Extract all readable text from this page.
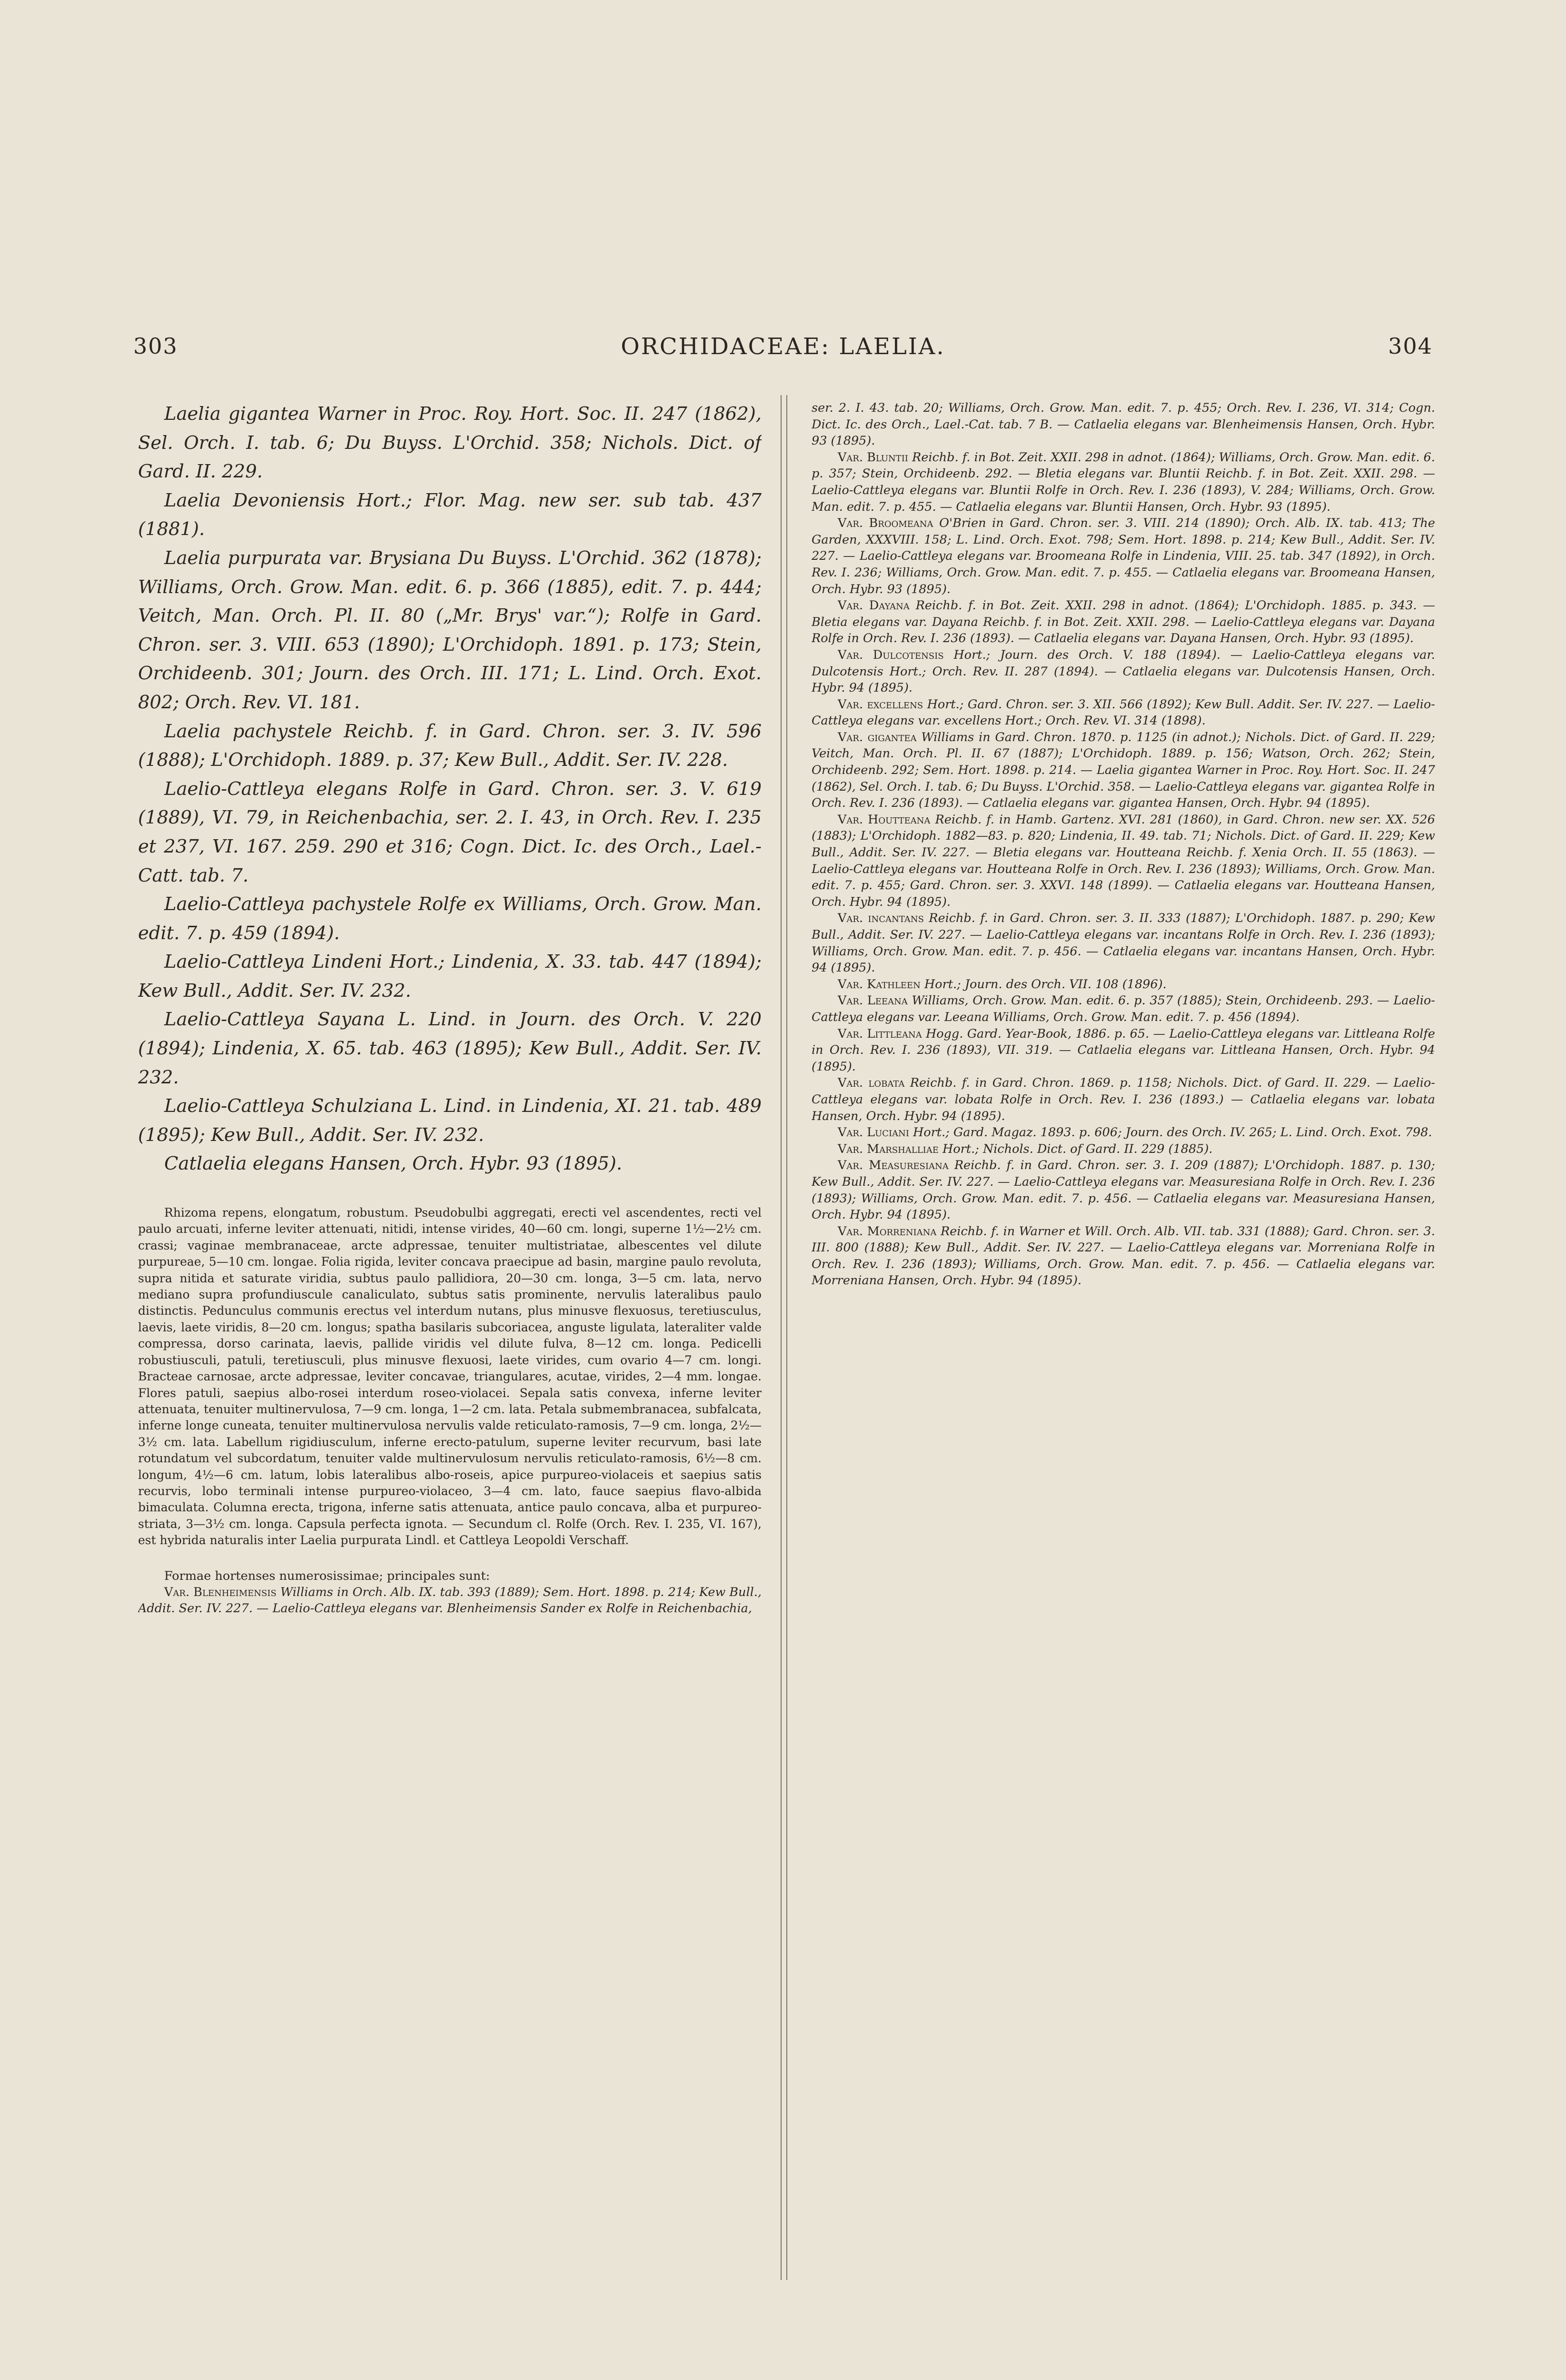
303	ORCHIDACEAE: LAELIA.	304

Laelia gigantea Warner in Proc. Roy. Hort. Soc. II. 247 (1862), Sel. Orch. I. tab. 6; Du Buyss. L'Orchid. 358; Nichols. Dict. of Gard. II. 229.

Laelia Devoniensis Hort.; Flor. Mag. new ser. sub tab. 437 (1881).

Laelia purpurata var. Brysiana Du Buyss. L'Orchid. 362 (1878); Williams, Orch. Grow. Man. edit. 6. p. 366 (1885), edit. 7. p. 444; Veitch, Man. Orch. Pl. II. 80 („Mr. Brys' var.“); Rolfe in Gard. Chron. ser. 3. VIII. 653 (1890); L'Orchidoph. 1891. p. 173; Stein, Orchideenb. 301; Journ. des Orch. III. 171; L. Lind. Orch. Exot. 802; Orch. Rev. VI. 181.

Laelia pachystele Reichb. f. in Gard. Chron. ser. 3. IV. 596 (1888); L'Orchidoph. 1889. p. 37; Kew Bull., Addit. Ser. IV. 228.

Laelio-Cattleya elegans Rolfe in Gard. Chron. ser. 3. V. 619 (1889), VI. 79, in Reichenbachia, ser. 2. I. 43, in Orch. Rev. I. 235 et 237, VI. 167. 259. 290 et 316; Cogn. Dict. Ic. des Orch., Lael.-Catt. tab. 7.

Laelio-Cattleya pachystele Rolfe ex Williams, Orch. Grow. Man. edit. 7. p. 459 (1894).

Laelio-Cattleya Lindeni Hort.; Lindenia, X. 33. tab. 447 (1894); Kew Bull., Addit. Ser. IV. 232.

Laelio-Cattleya Sayana L. Lind. in Journ. des Orch. V. 220 (1894); Lindenia, X. 65. tab. 463 (1895); Kew Bull., Addit. Ser. IV. 232.

Laelio-Cattleya Schulziana L. Lind. in Lindenia, XI. 21. tab. 489 (1895); Kew Bull., Addit. Ser. IV. 232.

Catlaelia elegans Hansen, Orch. Hybr. 93 (1895).

Rhizoma repens, elongatum, robustum. Pseudobulbi aggregati, erecti vel ascendentes, recti vel paulo arcuati, inferne leviter attenuati, nitidi, intense virides, 40—60 cm. longi, superne 1½—2½ cm. crassi; vaginae membranaceae, arcte adpressae, tenuiter multistriatae, albescentes vel dilute purpureae, 5—10 cm. longae. Folia rigida, leviter concava praecipue ad basin, margine paulo revoluta, supra nitida et saturate viridia, subtus paulo pallidiora, 20—30 cm. longa, 3—5 cm. lata, nervo mediano supra profundiuscule canaliculato, subtus satis prominente, nervulis lateralibus paulo distinctis. Pedunculus communis erectus vel interdum nutans, plus minusve flexuosus, teretiusculus, laevis, laete viridis, 8—20 cm. longus; spatha basilaris subcoriacea, anguste ligulata, lateraliter valde compressa, dorso carinata, laevis, pallide viridis vel dilute fulva, 8—12 cm. longa. Pedicelli robustiusculi, patuli, teretiusculi, plus minusve flexuosi, laete virides, cum ovario 4—7 cm. longi. Bracteae carnosae, arcte adpressae, leviter concavae, triangulares, acutae, virides, 2—4 mm. longae. Flores patuli, saepius albo-rosei interdum roseo-violacei. Sepala satis convexa, inferne leviter attenuata, tenuiter multinervulosa, 7—9 cm. longa, 1—2 cm. lata. Petala submembranacea, subfalcata, inferne longe cuneata, tenuiter multinervulosa nervulis valde reticulato-ramosis, 7—9 cm. longa, 2½—3½ cm. lata. Labellum rigidiusculum, inferne erecto-patulum, superne leviter recurvum, basi late rotundatum vel subcordatum, tenuiter valde multinervulosum nervulis reticulato-ramosis, 6½—8 cm. longum, 4½—6 cm. latum, lobis lateralibus albo-roseis, apice purpureo-violaceis et saepius satis recurvis, lobo terminali intense purpureo-violaceo, 3—4 cm. lato, fauce saepius flavo-albida bimaculata. Columna erecta, trigona, inferne satis attenuata, antice paulo concava, alba et purpureo-striata, 3—3½ cm. longa. Capsula perfecta ignota. — Secundum cl. Rolfe (Orch. Rev. I. 235, VI. 167), est hybrida naturalis inter Laelia purpurata Lindl. et Cattleya Leopoldi Verschaff.

Formae hortenses numerosissimae; principales sunt:

Var. Blenheimensis Williams in Orch. Alb. IX. tab. 393 (1889); Sem. Hort. 1898. p. 214; Kew Bull., Addit. Ser. IV. 227. — Laelio-Cattleya elegans var. Blenheimensis Sander ex Rolfe in Reichenbachia,

ser. 2. I. 43. tab. 20; Williams, Orch. Grow. Man. edit. 7. p. 455; Orch. Rev. I. 236, VI. 314; Cogn. Dict. Ic. des Orch., Lael.-Cat. tab. 7 B. — Catlaelia elegans var. Blenheimensis Hansen, Orch. Hybr. 93 (1895).

Var. Bluntii Reichb. f. in Bot. Zeit. XXII. 298 in adnot. (1864); Williams, Orch. Grow. Man. edit. 6. p. 357; Stein, Orchideenb. 292. — Bletia elegans var. Bluntii Reichb. f. in Bot. Zeit. XXII. 298. — Laelio-Cattleya elegans var. Bluntii Rolfe in Orch. Rev. I. 236 (1893), V. 284; Williams, Orch. Grow. Man. edit. 7. p. 455. — Catlaelia elegans var. Bluntii Hansen, Orch. Hybr. 93 (1895).

Var. Broomeana O'Brien in Gard. Chron. ser. 3. VIII. 214 (1890); Orch. Alb. IX. tab. 413; The Garden, XXXVIII. 158; L. Lind. Orch. Exot. 798; Sem. Hort. 1898. p. 214; Kew Bull., Addit. Ser. IV. 227. — Laelio-Cattleya elegans var. Broomeana Rolfe in Lindenia, VIII. 25. tab. 347 (1892), in Orch. Rev. I. 236; Williams, Orch. Grow. Man. edit. 7. p. 455. — Catlaelia elegans var. Broomeana Hansen, Orch. Hybr. 93 (1895).

Var. Dayana Reichb. f. in Bot. Zeit. XXII. 298 in adnot. (1864); L'Orchidoph. 1885. p. 343. — Bletia elegans var. Dayana Reichb. f. in Bot. Zeit. XXII. 298. — Laelio-Cattleya elegans var. Dayana Rolfe in Orch. Rev. I. 236 (1893). — Catlaelia elegans var. Dayana Hansen, Orch. Hybr. 93 (1895).

Var. Dulcotensis Hort.; Journ. des Orch. V. 188 (1894). — Laelio-Cattleya elegans var. Dulcotensis Hort.; Orch. Rev. II. 287 (1894). — Catlaelia elegans var. Dulcotensis Hansen, Orch. Hybr. 94 (1895).

Var. excellens Hort.; Gard. Chron. ser. 3. XII. 566 (1892); Kew Bull. Addit. Ser. IV. 227. — Laelio-Cattleya elegans var. excellens Hort.; Orch. Rev. VI. 314 (1898).

Var. gigantea Williams in Gard. Chron. 1870. p. 1125 (in adnot.); Nichols. Dict. of Gard. II. 229; Veitch, Man. Orch. Pl. II. 67 (1887); L'Orchidoph. 1889. p. 156; Watson, Orch. 262; Stein, Orchideenb. 292; Sem. Hort. 1898. p. 214. — Laelia gigantea Warner in Proc. Roy. Hort. Soc. II. 247 (1862), Sel. Orch. I. tab. 6; Du Buyss. L'Orchid. 358. — Laelio-Cattleya elegans var. gigantea Rolfe in Orch. Rev. I. 236 (1893). — Catlaelia elegans var. gigantea Hansen, Orch. Hybr. 94 (1895).

Var. Houtteana Reichb. f. in Hamb. Gartenz. XVI. 281 (1860), in Gard. Chron. new ser. XX. 526 (1883); L'Orchidoph. 1882—83. p. 820; Lindenia, II. 49. tab. 71; Nichols. Dict. of Gard. II. 229; Kew Bull., Addit. Ser. IV. 227. — Bletia elegans var. Houtteana Reichb. f. Xenia Orch. II. 55 (1863). — Laelio-Cattleya elegans var. Houtteana Rolfe in Orch. Rev. I. 236 (1893); Williams, Orch. Grow. Man. edit. 7. p. 455; Gard. Chron. ser. 3. XXVI. 148 (1899). — Catlaelia elegans var. Houtteana Hansen, Orch. Hybr. 94 (1895).

Var. incantans Reichb. f. in Gard. Chron. ser. 3. II. 333 (1887); L'Orchidoph. 1887. p. 290; Kew Bull., Addit. Ser. IV. 227. — Laelio-Cattleya elegans var. incantans Rolfe in Orch. Rev. I. 236 (1893); Williams, Orch. Grow. Man. edit. 7. p. 456. — Catlaelia elegans var. incantans Hansen, Orch. Hybr. 94 (1895).

Var. Kathleen Hort.; Journ. des Orch. VII. 108 (1896).

Var. Leeana Williams, Orch. Grow. Man. edit. 6. p. 357 (1885); Stein, Orchideenb. 293. — Laelio-Cattleya elegans var. Leeana Williams, Orch. Grow. Man. edit. 7. p. 456 (1894).

Var. Littleana Hogg. Gard. Year-Book, 1886. p. 65. — Laelio-Cattleya elegans var. Littleana Rolfe in Orch. Rev. I. 236 (1893), VII. 319. — Catlaelia elegans var. Littleana Hansen, Orch. Hybr. 94 (1895).

Var. lobata Reichb. f. in Gard. Chron. 1869. p. 1158; Nichols. Dict. of Gard. II. 229. — Laelio-Cattleya elegans var. lobata Rolfe in Orch. Rev. I. 236 (1893.) — Catlaelia elegans var. lobata Hansen, Orch. Hybr. 94 (1895).

Var. Luciani Hort.; Gard. Magaz. 1893. p. 606; Journ. des Orch. IV. 265; L. Lind. Orch. Exot. 798.

Var. Marshalliae Hort.; Nichols. Dict. of Gard. II. 229 (1885).

Var. Measuresiana Reichb. f. in Gard. Chron. ser. 3. I. 209 (1887); L'Orchidoph. 1887. p. 130; Kew Bull., Addit. Ser. IV. 227. — Laelio-Cattleya elegans var. Measuresiana Rolfe in Orch. Rev. I. 236 (1893); Williams, Orch. Grow. Man. edit. 7. p. 456. — Catlaelia elegans var. Measuresiana Hansen, Orch. Hybr. 94 (1895).

Var. Morreniana Reichb. f. in Warner et Will. Orch. Alb. VII. tab. 331 (1888); Gard. Chron. ser. 3. III. 800 (1888); Kew Bull., Addit. Ser. IV. 227. — Laelio-Cattleya elegans var. Morreniana Rolfe in Orch. Rev. I. 236 (1893); Williams, Orch. Grow. Man. edit. 7. p. 456. — Catlaelia elegans var. Morreniana Hansen, Orch. Hybr. 94 (1895).
